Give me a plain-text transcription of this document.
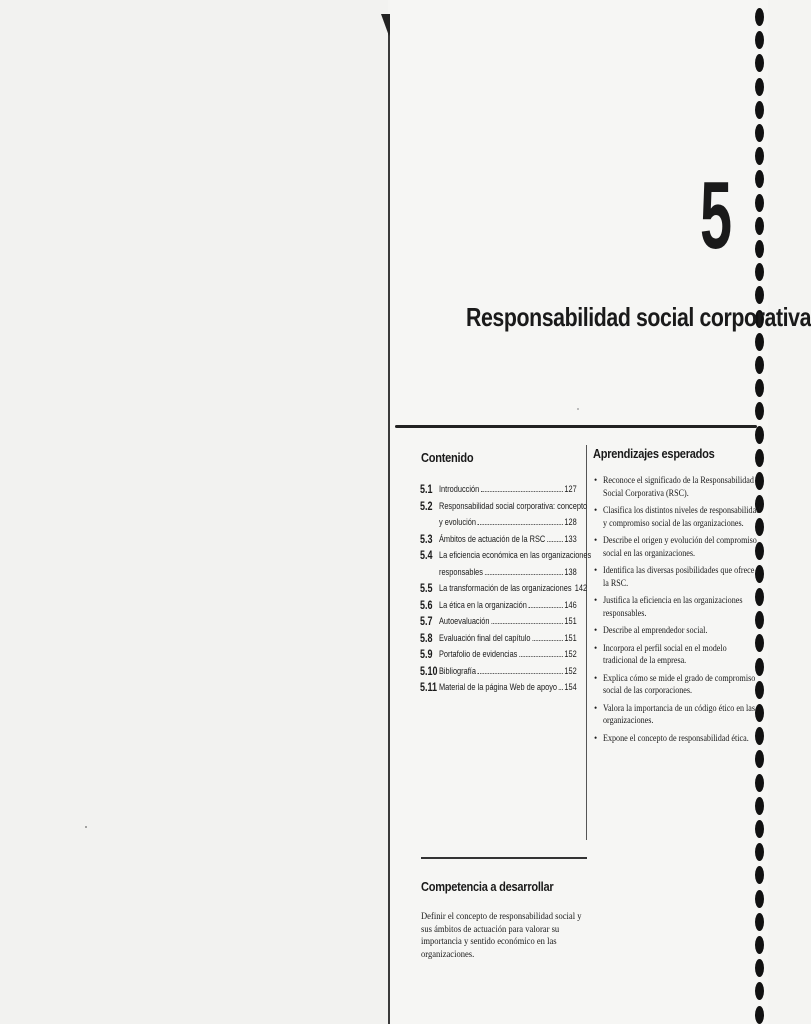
5
Responsabilidad social corporativa
Contenido
5.1 Introducción	127
5.2 Responsabilidad social corporativa: concepto
y evolución	128
5.3 Ámbitos de actuación de la RSC 133
5.4 La eficiencia económica en las organizaciones
responsables	138
5.5 La transformación de las organizaciones 142
5.6 La ética en la organización	146
5.7 Autoevaluación	151
5.8 Evaluación final del capítulo	151
5.9 Portafolio de evidencias	152
5.10 Bibliografía	152
5.11 Material de la página Web de apoyo 154
Aprendizajes esperados
• Reconoce el significado de la Responsabilidad Social Corporativa (RSC).
• Clasifica los distintos niveles de responsabilidad y compromiso social de las organizaciones.
• Describe el origen y evolución del compromiso social en las organizaciones.
• Identifica las diversas posibilidades que ofrece la RSC.
• Justifica la eficiencia en las organizaciones responsables.
• Describe al emprendedor social.
• Incorpora el perfil social en el modelo tradicional de la empresa.
• Explica cómo se mide el grado de compromiso social de las corporaciones.
• Valora la importancia de un código ético en las organizaciones.
• Expone el concepto de responsabilidad ética.
Competencia a desarrollar
Definir el concepto de responsabilidad social y sus ámbitos de actuación para valorar su importancia y sentido económico en las organizaciones.
